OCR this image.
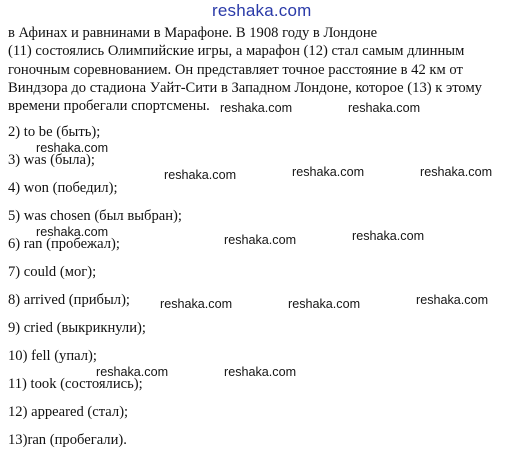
reshaka.com
в Афинах и равнинами в Марафоне. В 1908 году в Лондоне
(11) состоялись Олимпийские игры, а марафон (12) стал самым длинным
гоночным соревнованием. Он представляет точное расстояние в 42 км от
Виндзора до стадиона Уайт-Сити в Западном Лондоне, которое (13) к этому
времени пробегали спортсмены.
2) to be (быть);
3) was (была);
4) won (победил);
5) was chosen (был выбран);
6) ran (пробежал);
7) could (мог);
8) arrived (прибыл);
9) cried (выкрикнули);
10) fell (упал);
11) took (состоялись);
12) appeared (стал);
13)ran (пробегали).
reshaka.com	reshaka.com
reshaka.com
reshaka.com	reshaka.com	reshaka.com
reshaka.com
reshaka.com	reshaka.com
reshaka.com	reshaka.com	reshaka.com
reshaka.com	reshaka.com
